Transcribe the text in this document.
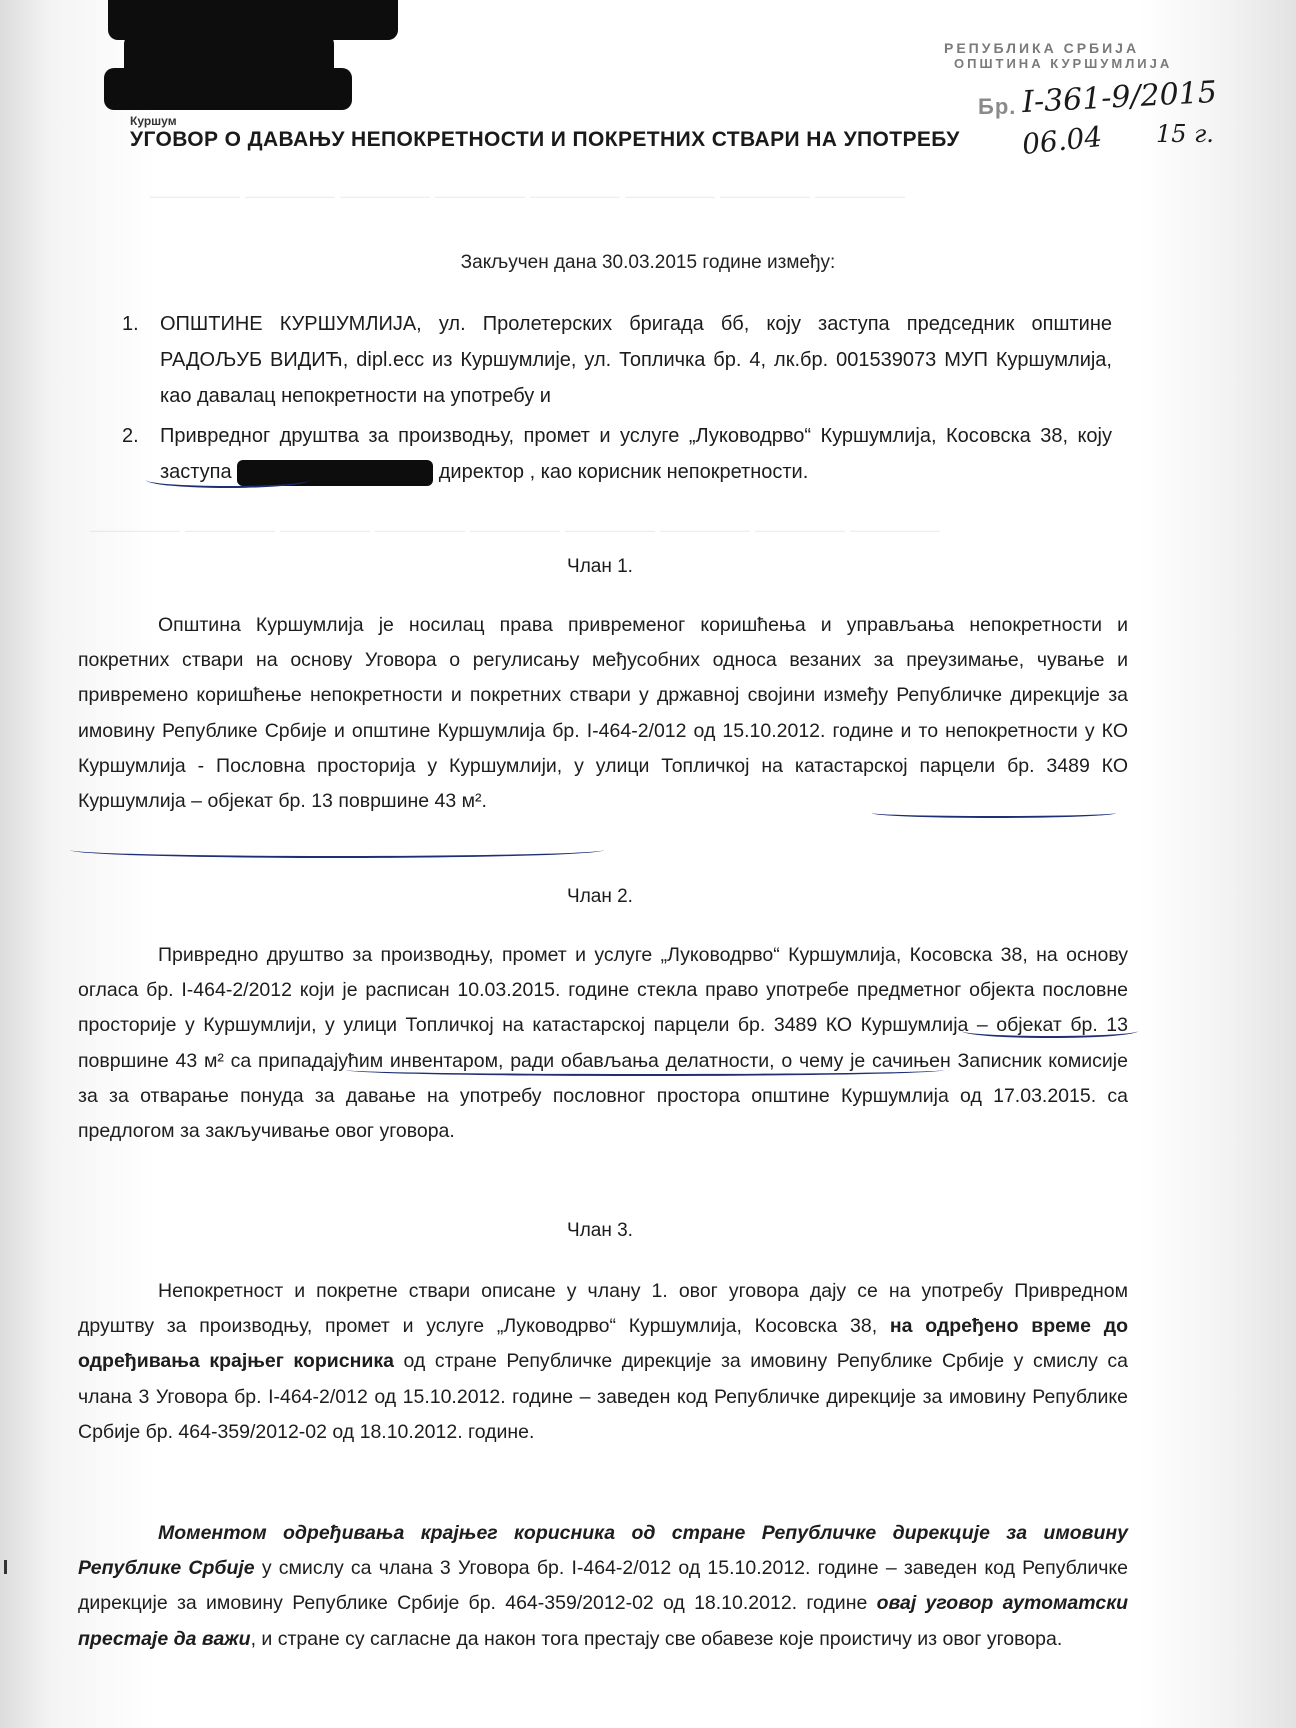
Куршум
РЕПУБЛИКА СРБИЈА
ОПШТИНА КУРШУМЛИЈА
Бр. I-361-9/2015
06.04 15 г.
УГОВОР О ДАВАЊУ НЕПОКРЕТНОСТИ И ПОКРЕТНИХ СТВАРИ НА УПОТРЕБУ
————— ————— ————— ————— ————— ————— ————— —————
————— ————— ————— ————— ————— ————— ————— ————— —————
Закључен дана 30.03.2015 године између:
1.	ОПШТИНЕ КУРШУМЛИЈА, ул. Пролетерских бригада бб, коју заступа председник општине РАДОЉУБ ВИДИЋ, dipl.ecc из Куршумлије, ул. Топличка бр. 4, лк.бр. 001539073 МУП Куршумлија, као давалац непокретности на употребу и
2.	Привредног друштва за производњу, промет и услуге „Луководрво“ Куршумлија, Косовска 38, коју заступа	директор , као корисник непокретности.
Члан 1.
Општина Куршумлија је носилац права привременог коришћења и управљања непокретности и покретних ствари на основу Уговора о регулисању међусобних односа везаних за преузимање, чување и привремено коришћење непокретности и покретних ствари у државној својини између Републичке дирекције за имовину Републике Србије и општине Куршумлија бр. I-464-2/012 од 15.10.2012. године и то непокретности у КО Куршумлија - Пословна просторија у Куршумлији, у улици Топличкој на катастарској парцели бр. 3489 КО Куршумлија – објекат бр. 13 површине 43 м².
Члан 2.
Привредно друштво за производњу, промет и услуге „Луководрво“ Куршумлија, Косовска 38, на основу огласа бр. I-464-2/2012 који је расписан 10.03.2015. године стекла право употребе предметног објекта пословне просторије у Куршумлији, у улици Топличкој на катастарској парцели бр. 3489 КО Куршумлија – објекат бр. 13 површине 43 м² са припадајућим инвентаром, ради обављања делатности, о чему је сачињен Записник комисије за за отварање понуда за давање на употребу пословног простора општине Куршумлија од 17.03.2015. са предлогом за закључивање овог уговора.
Члан 3.
Непокретност и покретне ствари описане у члану 1. овог уговора дају се на употребу Привредном друштву за производњу, промет и услуге „Луководрво“ Куршумлија, Косовска 38, на одређено време до одређивања крајњег корисника од стране Републичке дирекције за имовину Републике Србије у смислу са члана 3 Уговора бр. I-464-2/012 од 15.10.2012. године – заведен код Републичке дирекције за имовину Републике Србије бр. 464-359/2012-02 од 18.10.2012. године.
Моментом одређивања крајњег корисника од стране Републичке дирекције за имовину Републике Србије у смислу са члана 3 Уговора бр. I-464-2/012 од 15.10.2012. године – заведен код Републичке дирекције за имовину Републике Србије бр. 464-359/2012-02 од 18.10.2012. године овај уговор аутоматски престаје да важи, и стране су сагласне да након тога престају све обавезе које проистичу из овог уговора.
